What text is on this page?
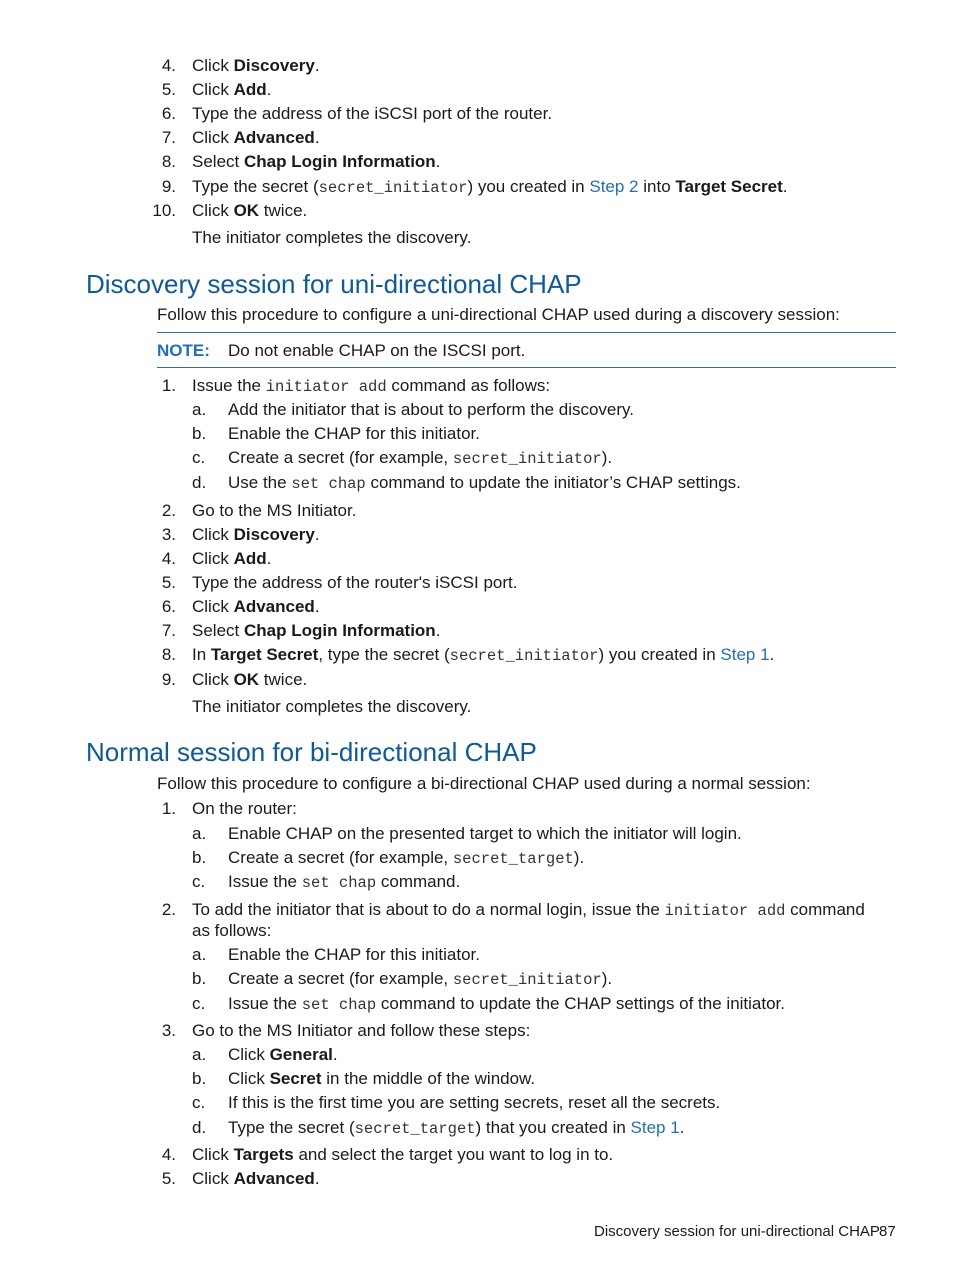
4. Click Discovery.
5. Click Add.
6. Type the address of the iSCSI port of the router.
7. Click Advanced.
8. Select Chap Login Information.
9. Type the secret (secret_initiator) you created in Step 2 into Target Secret.
10. Click OK twice.
The initiator completes the discovery.
Discovery session for uni-directional CHAP
Follow this procedure to configure a uni-directional CHAP used during a discovery session:
NOTE: Do not enable CHAP on the ISCSI port.
1. Issue the initiator add command as follows:
a. Add the initiator that is about to perform the discovery.
b. Enable the CHAP for this initiator.
c. Create a secret (for example, secret_initiator).
d. Use the set chap command to update the initiator’s CHAP settings.
2. Go to the MS Initiator.
3. Click Discovery.
4. Click Add.
5. Type the address of the router's iSCSI port.
6. Click Advanced.
7. Select Chap Login Information.
8. In Target Secret, type the secret (secret_initiator) you created in Step 1.
9. Click OK twice.
The initiator completes the discovery.
Normal session for bi-directional CHAP
Follow this procedure to configure a bi-directional CHAP used during a normal session:
1. On the router:
a. Enable CHAP on the presented target to which the initiator will login.
b. Create a secret (for example, secret_target).
c. Issue the set chap command.
2. To add the initiator that is about to do a normal login, issue the initiator add command
as follows:
a. Enable the CHAP for this initiator.
b. Create a secret (for example, secret_initiator).
c. Issue the set chap command to update the CHAP settings of the initiator.
3. Go to the MS Initiator and follow these steps:
a. Click General.
b. Click Secret in the middle of the window.
c. If this is the first time you are setting secrets, reset all the secrets.
d. Type the secret (secret_target) that you created in Step 1.
4. Click Targets and select the target you want to log in to.
5. Click Advanced.
Discovery session for uni-directional CHAP 87
